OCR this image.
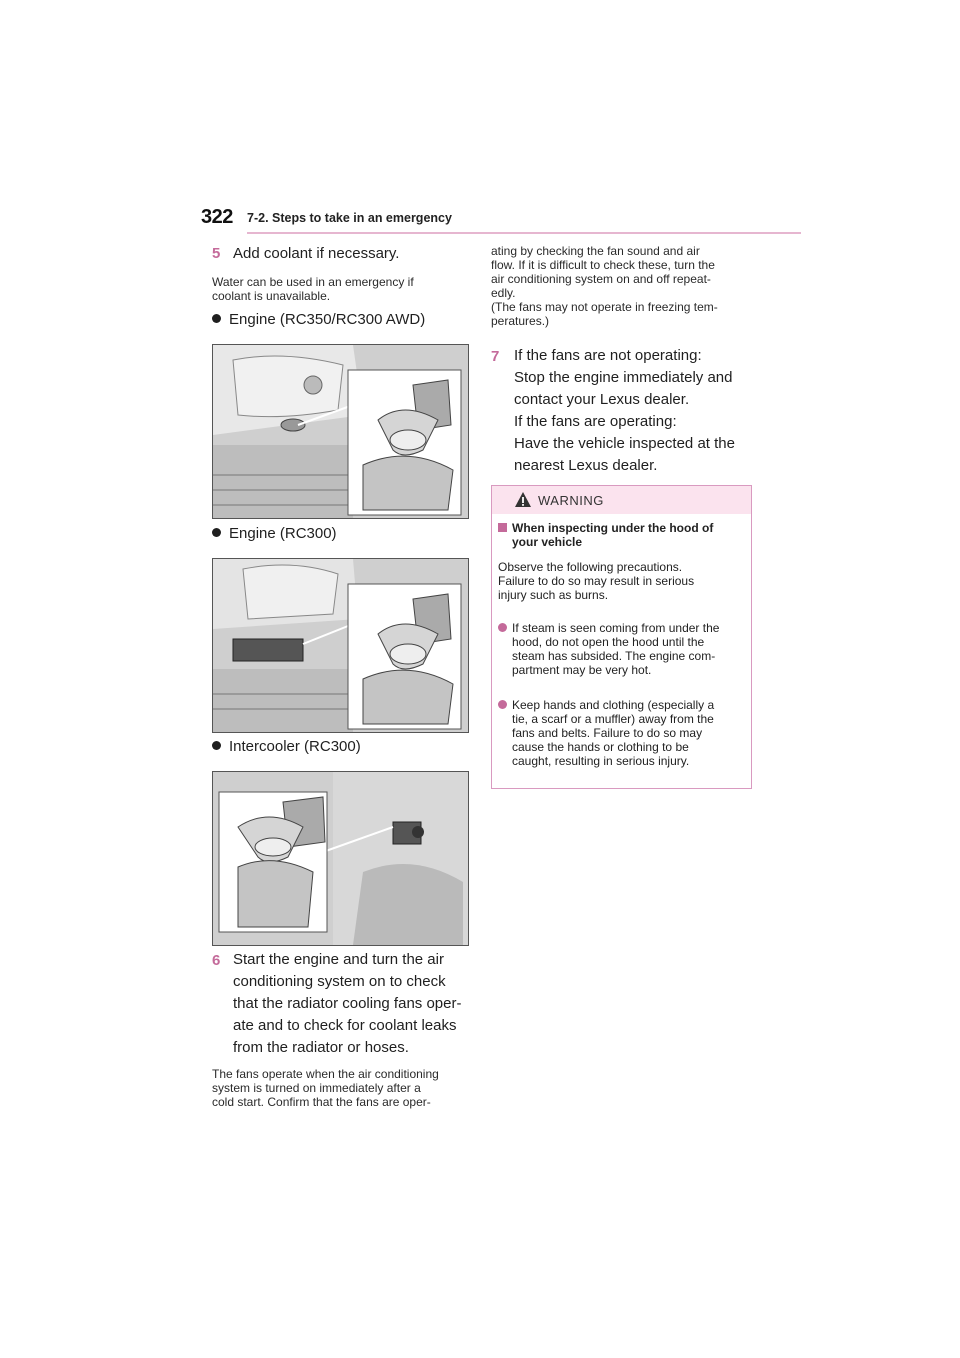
322 7-2. Steps to take in an emergency
5 Add coolant if necessary.
Water can be used in an emergency if
coolant is unavailable.
Engine (RC350/RC300 AWD)
Engine (RC300)
Intercooler (RC300)
6 Start the engine and turn the air
conditioning system on to check
that the radiator cooling fans oper-
ate and to check for coolant leaks
from the radiator or hoses.
The fans operate when the air conditioning
system is turned on immediately after a
cold start. Confirm that the fans are oper-
ating by checking the fan sound and air
flow. If it is difficult to check these, turn the
air conditioning system on and off repeat-
edly.
(The fans may not operate in freezing tem-
peratures.)
7 If the fans are not operating:
Stop the engine immediately and
contact your Lexus dealer.
If the fans are operating:
Have the vehicle inspected at the
nearest Lexus dealer.
WARNING
When inspecting under the hood of
your vehicle
Observe the following precautions.
Failure to do so may result in serious
injury such as burns.
If steam is seen coming from under the
hood, do not open the hood until the
steam has subsided. The engine com-
partment may be very hot.
Keep hands and clothing (especially a
tie, a scarf or a muffler) away from the
fans and belts. Failure to do so may
cause the hands or clothing to be
caught, resulting in serious injury.
